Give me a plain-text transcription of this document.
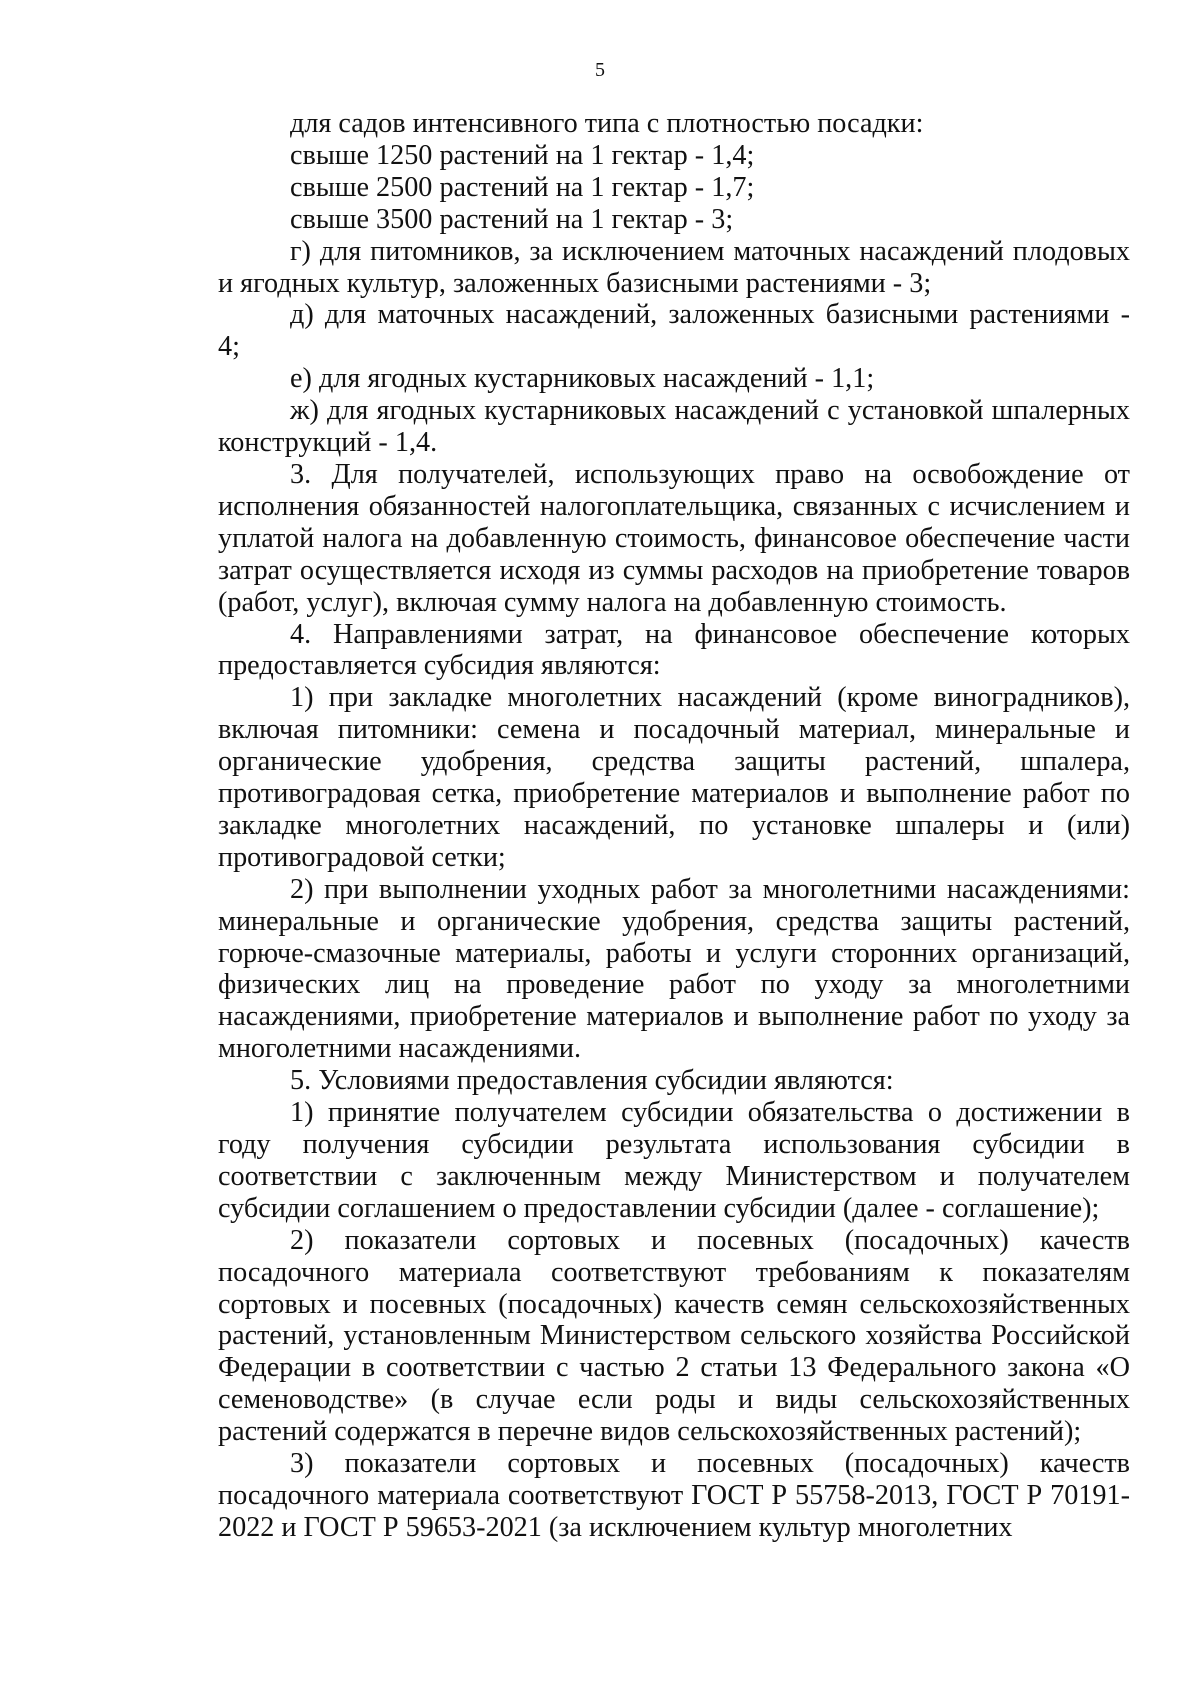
5

для садов интенсивного типа с плотностью посадки:

свыше 1250 растений на 1 гектар - 1,4;

свыше 2500 растений на 1 гектар - 1,7;

свыше 3500 растений на 1 гектар - 3;

г) для питомников, за исключением маточных насаждений плодовых и ягодных культур, заложенных базисными растениями - 3;

д) для маточных насаждений, заложенных базисными растениями - 4;

е) для ягодных кустарниковых насаждений - 1,1;

ж) для ягодных кустарниковых насаждений с установкой шпалерных конструкций - 1,4.

3. Для получателей, использующих право на освобождение от исполнения обязанностей налогоплательщика, связанных с исчислением и уплатой налога на добавленную стоимость, финансовое обеспечение части затрат осуществляется исходя из суммы расходов на приобретение товаров (работ, услуг), включая сумму налога на добавленную стоимость.

4. Направлениями затрат, на финансовое обеспечение которых предоставляется субсидия являются:

1) при закладке многолетних насаждений (кроме виноградников), включая питомники: семена и посадочный материал, минеральные и органические удобрения, средства защиты растений, шпалера, противоградовая сетка, приобретение материалов и выполнение работ по закладке многолетних насаждений, по установке шпалеры и (или) противоградовой сетки;

2) при выполнении уходных работ за многолетними насаждениями: минеральные и органические удобрения, средства защиты растений, горюче-смазочные материалы, работы и услуги сторонних организаций, физических лиц на проведение работ по уходу за многолетними насаждениями, приобретение материалов и выполнение работ по уходу за многолетними насаждениями.

5. Условиями предоставления субсидии являются:

1) принятие получателем субсидии обязательства о достижении в году получения субсидии результата использования субсидии в соответствии с заключенным между Министерством и получателем субсидии соглашением о предоставлении субсидии (далее - соглашение);

2) показатели сортовых и посевных (посадочных) качеств посадочного материала соответствуют требованиям к показателям сортовых и посевных (посадочных) качеств семян сельскохозяйственных растений, установленным Министерством сельского хозяйства Российской Федерации в соответствии с частью 2 статьи 13 Федерального закона «О семеноводстве» (в случае если роды и виды сельскохозяйственных растений содержатся в перечне видов сельскохозяйственных растений);

3) показатели сортовых и посевных (посадочных) качеств посадочного материала соответствуют ГОСТ Р 55758-2013, ГОСТ Р 70191-2022 и ГОСТ Р 59653-2021 (за исключением культур многолетних
